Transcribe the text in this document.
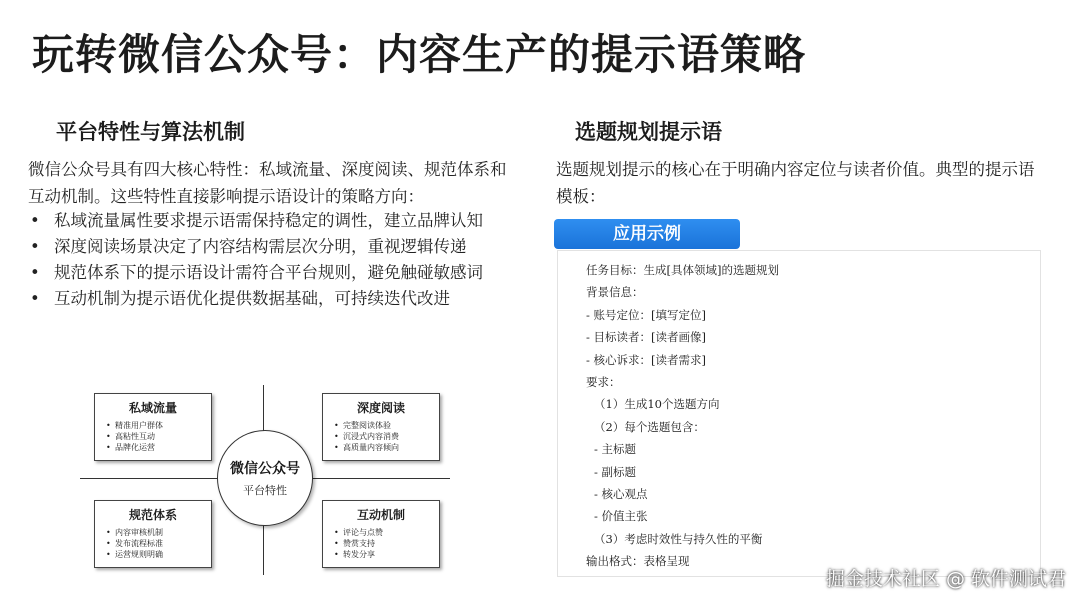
玩转微信公众号：内容生产的提示语策略
平台特性与算法机制
微信公众号具有四大核心特性：私域流量、深度阅读、规范体系和互动机制。这些特性直接影响提示语设计的策略方向：
• 私域流量属性要求提示语需保持稳定的调性，建立品牌认知
• 深度阅读场景决定了内容结构需层次分明，重视逻辑传递
• 规范体系下的提示语设计需符合平台规则，避免触碰敏感词
• 互动机制为提示语优化提供数据基础，可持续迭代改进
私域流量
• 精准用户群体
• 高粘性互动
• 品牌化运营
深度阅读
• 完整阅读体验
• 沉浸式内容消费
• 高质量内容倾向
规范体系
• 内容审核机制
• 发布流程标准
• 运营规则明确
互动机制
• 评论与点赞
• 赞赏支持
• 转发分享
微信公众号
平台特性
选题规划提示语
选题规划提示的核心在于明确内容定位与读者价值。典型的提示语模板：
应用示例
任务目标：生成[具体领域]的选题规划
背景信息：
- 账号定位：[填写定位]
- 目标读者：[读者画像]
- 核心诉求：[读者需求]
要求：
（1）生成10个选题方向
（2）每个选题包含：
- 主标题
- 副标题
- 核心观点
- 价值主张
（3）考虑时效性与持久性的平衡
输出格式：表格呈现
掘金技术社区 @ 软件测试君
